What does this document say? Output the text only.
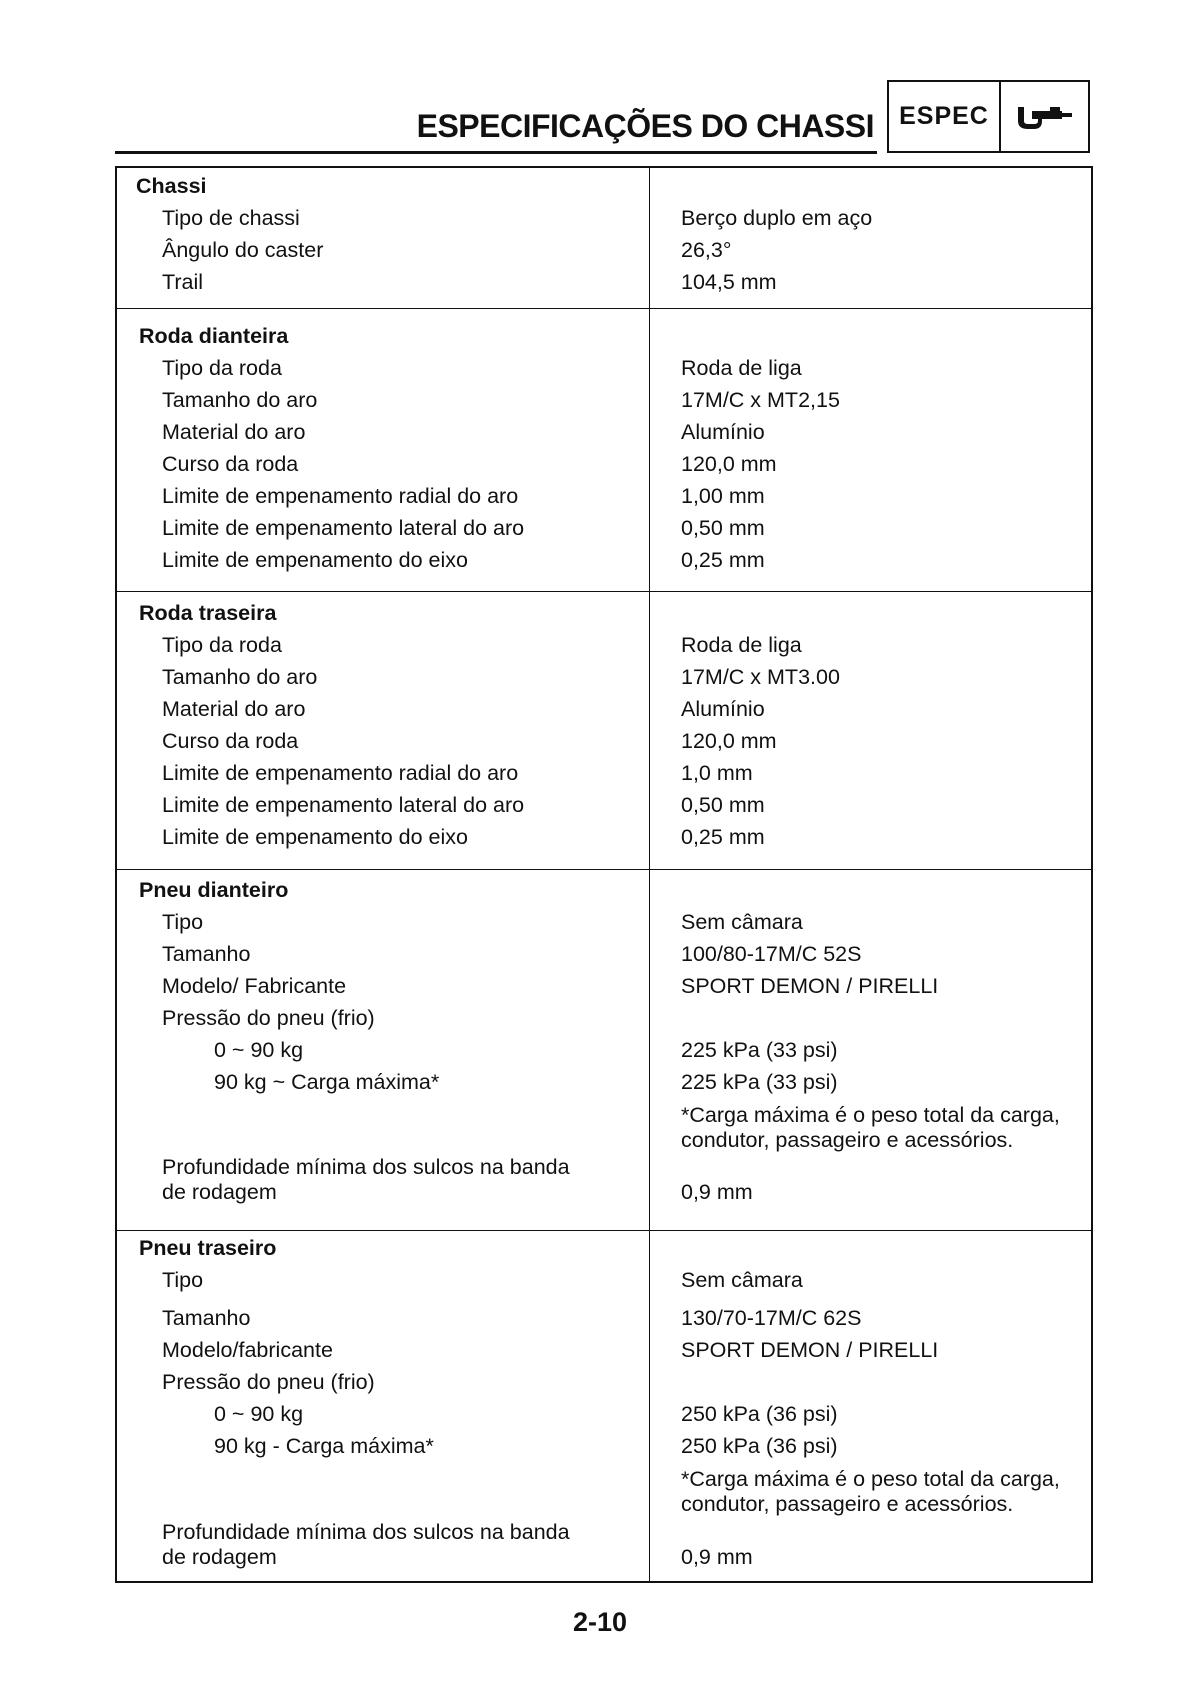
ESPECIFICAÇÕES DO CHASSI	ESPEC
Chassi
Tipo de chassi	Berço duplo em aço
Ângulo do caster	26,3°
Trail	104,5 mm
Roda dianteira
Tipo da roda	Roda de liga
Tamanho do aro	17M/C x MT2,15
Material do aro	Alumínio
Curso da roda	120,0 mm
Limite de empenamento radial do aro	1,00 mm
Limite de empenamento lateral do aro	0,50 mm
Limite de empenamento do eixo	0,25 mm
Roda traseira
Tipo da roda	Roda de liga
Tamanho do aro	17M/C x MT3.00
Material do aro	Alumínio
Curso da roda	120,0 mm
Limite de empenamento radial do aro	1,0 mm
Limite de empenamento lateral do aro	0,50 mm
Limite de empenamento do eixo	0,25 mm
Pneu dianteiro
Tipo	Sem câmara
Tamanho	100/80-17M/C 52S
Modelo/ Fabricante	SPORT DEMON / PIRELLI
Pressão do pneu (frio)
0 ~ 90 kg	225 kPa (33 psi)
90 kg ~ Carga máxima*	225 kPa (33 psi)
*Carga máxima é o peso total da carga,
condutor, passageiro e acessórios.
Profundidade mínima dos sulcos na banda
de rodagem	0,9 mm
Pneu traseiro
Tipo	Sem câmara
Tamanho	130/70-17M/C 62S
Modelo/fabricante	SPORT DEMON / PIRELLI
Pressão do pneu (frio)
0 ~ 90 kg	250 kPa (36 psi)
90 kg - Carga máxima*	250 kPa (36 psi)
*Carga máxima é o peso total da carga,
condutor, passageiro e acessórios.
Profundidade mínima dos sulcos na banda
de rodagem	0,9 mm
2-10
